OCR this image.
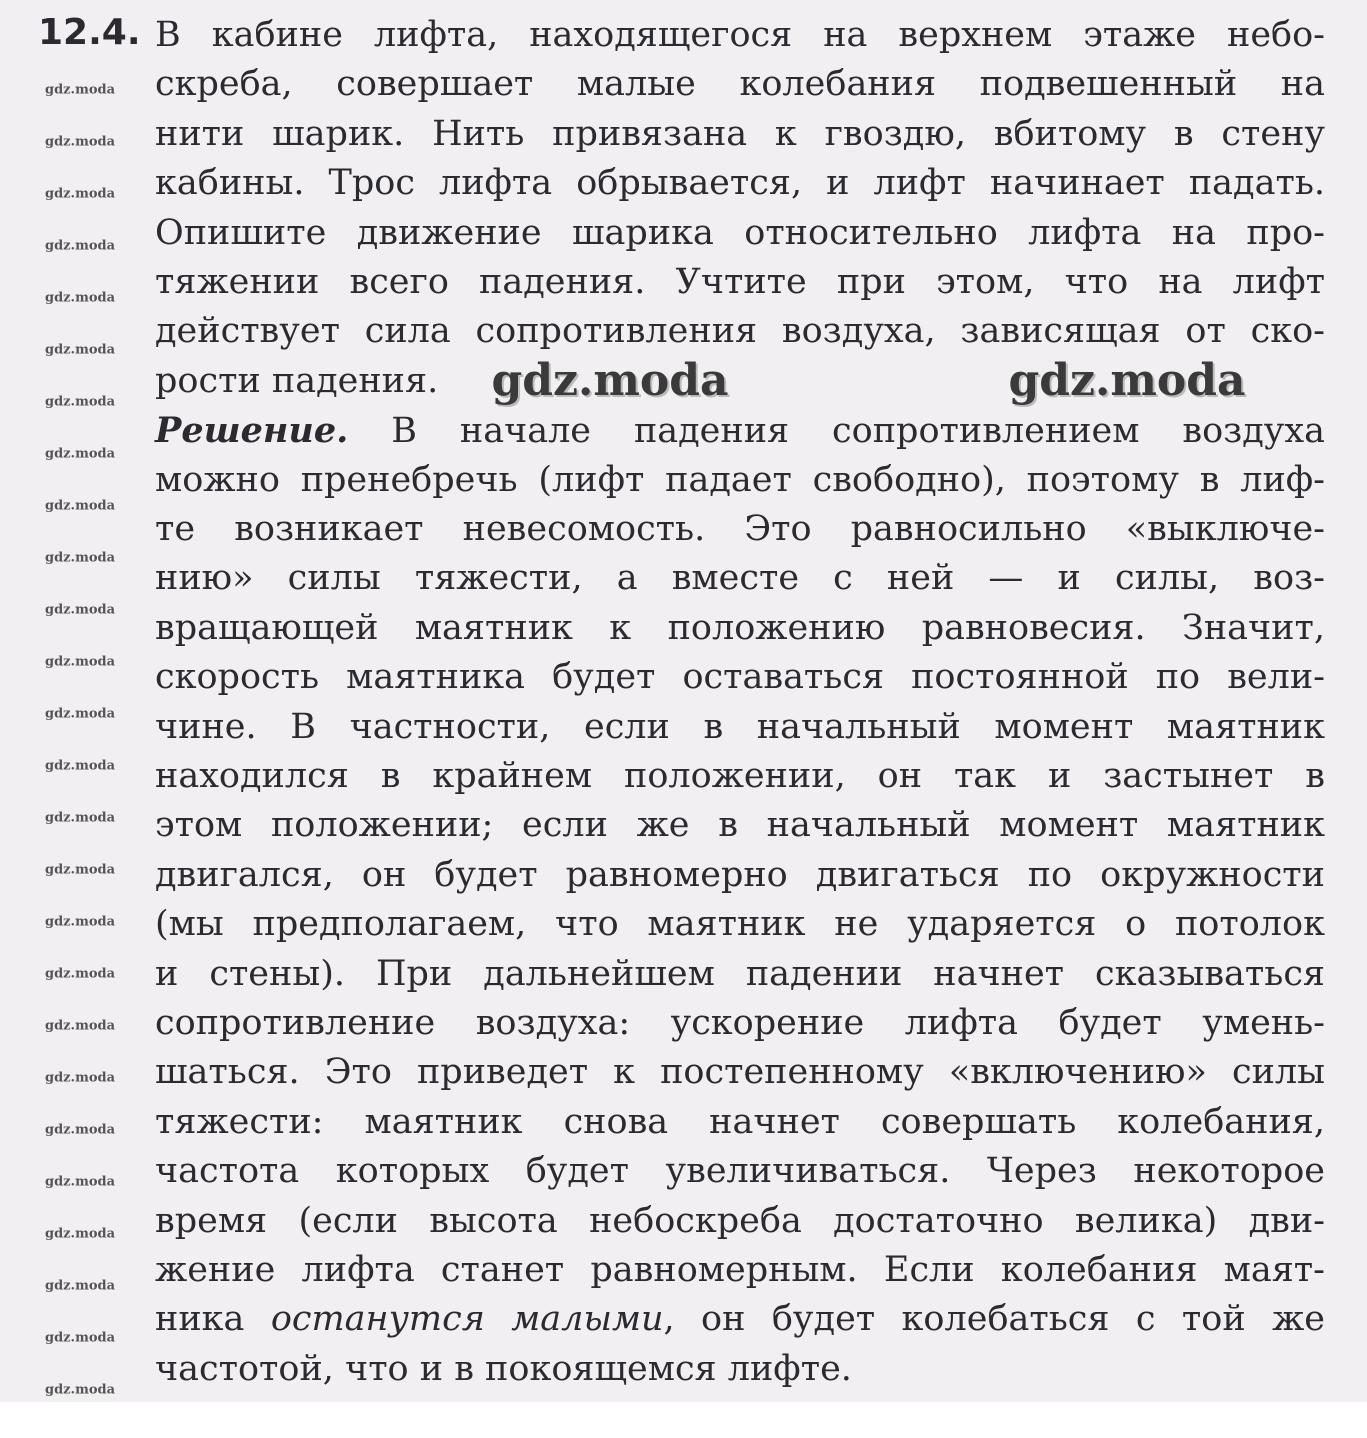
12.4. В кабине лифта, находящегося на верхнем этаже небо-
скреба, совершает малые колебания подвешенный на
нити шарик. Нить привязана к гвоздю, вбитому в стену
кабины. Трос лифта обрывается, и лифт начинает падать.
Опишите движение шарика относительно лифта на про-
тяжении всего падения. Учтите при этом, что на лифт
действует сила сопротивления воздуха, зависящая от ско-
рости падения.
Решение. В начале падения сопротивлением воздуха
можно пренебречь (лифт падает свободно), поэтому в лиф-
те возникает невесомость. Это равносильно «выключе-
нию» силы тяжести, а вместе с ней — и силы, воз-
вращающей маятник к положению равновесия. Значит,
скорость маятника будет оставаться постоянной по вели-
чине. В частности, если в начальный момент маятник
находился в крайнем положении, он так и застынет в
этом положении; если же в начальный момент маятник
двигался, он будет равномерно двигаться по окружности
(мы предполагаем, что маятник не ударяется о потолок
и стены). При дальнейшем падении начнет сказываться
сопротивление воздуха: ускорение лифта будет умень-
шаться. Это приведет к постепенному «включению» силы
тяжести: маятник снова начнет совершать колебания,
частота которых будет увеличиваться. Через некоторое
время (если высота небоскреба достаточно велика) дви-
жение лифта станет равномерным. Если колебания маят-
ника останутся малыми, он будет колебаться с той же
частотой, что и в покоящемся лифте.
gdz.moda
gdz.moda
gdz.moda
gdz.moda
gdz.moda
gdz.moda
gdz.moda
gdz.moda
gdz.moda
gdz.moda
gdz.moda
gdz.moda
gdz.moda
gdz.moda
gdz.moda
gdz.moda
gdz.moda
gdz.moda
gdz.moda
gdz.moda
gdz.moda
gdz.moda
gdz.moda
gdz.moda
gdz.moda
gdz.moda
gdz.moda	gdz.moda
